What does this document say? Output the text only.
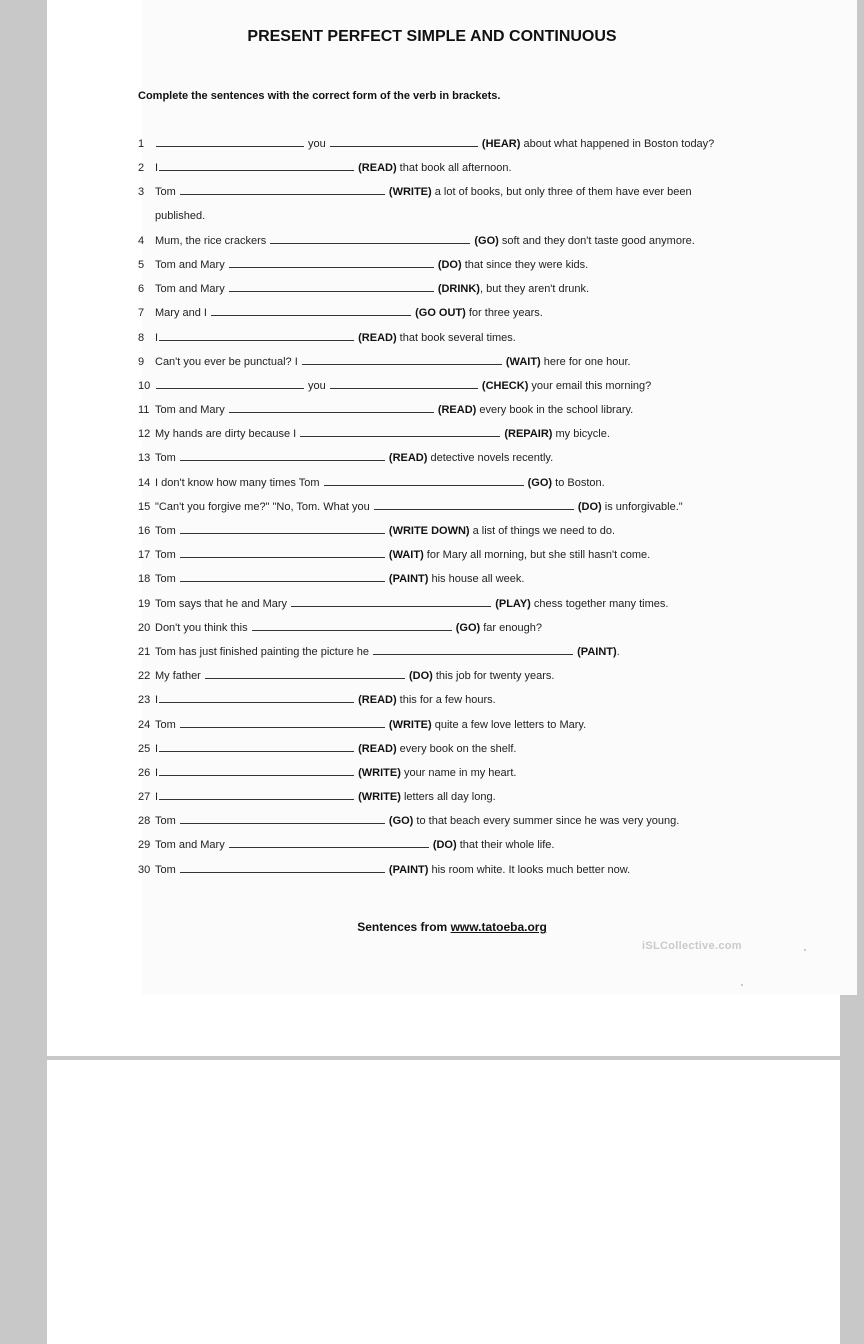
PRESENT PERFECT SIMPLE AND CONTINUOUS
Complete the sentences with the correct form of the verb in brackets.
1	you	(HEAR) about what happened in Boston today?
2 I	(READ) that book all afternoon.
3 Tom	(WRITE) a lot of books, but only three of them have ever been
published.
4 Mum, the rice crackers	(GO) soft and they don't taste good anymore.
5 Tom and Mary	(DO) that since they were kids.
6 Tom and Mary	(DRINK), but they aren't drunk.
7 Mary and I	(GO OUT) for three years.
8 I	(READ) that book several times.
9 Can't you ever be punctual? I	(WAIT) here for one hour.
10	you	(CHECK) your email this morning?
11 Tom and Mary	(READ) every book in the school library.
12 My hands are dirty because I	(REPAIR) my bicycle.
13 Tom	(READ) detective novels recently.
14 I don't know how many times Tom	(GO) to Boston.
15 "Can't you forgive me?" "No, Tom. What you	(DO) is unforgivable."
16 Tom	(WRITE DOWN) a list of things we need to do.
17 Tom	(WAIT) for Mary all morning, but she still hasn't come.
18 Tom	(PAINT) his house all week.
19 Tom says that he and Mary	(PLAY) chess together many times.
20 Don't you think this	(GO) far enough?
21 Tom has just finished painting the picture he	(PAINT).
22 My father	(DO) this job for twenty years.
23 I	(READ) this for a few hours.
24 Tom	(WRITE) quite a few love letters to Mary.
25 I	(READ) every book on the shelf.
26 I	(WRITE) your name in my heart.
27 I	(WRITE) letters all day long.
28 Tom	(GO) to that beach every summer since he was very young.
29 Tom and Mary	(DO) that their whole life.
30 Tom	(PAINT) his room white. It looks much better now.
Sentences from www.tatoeba.org
iSLCollective.com
